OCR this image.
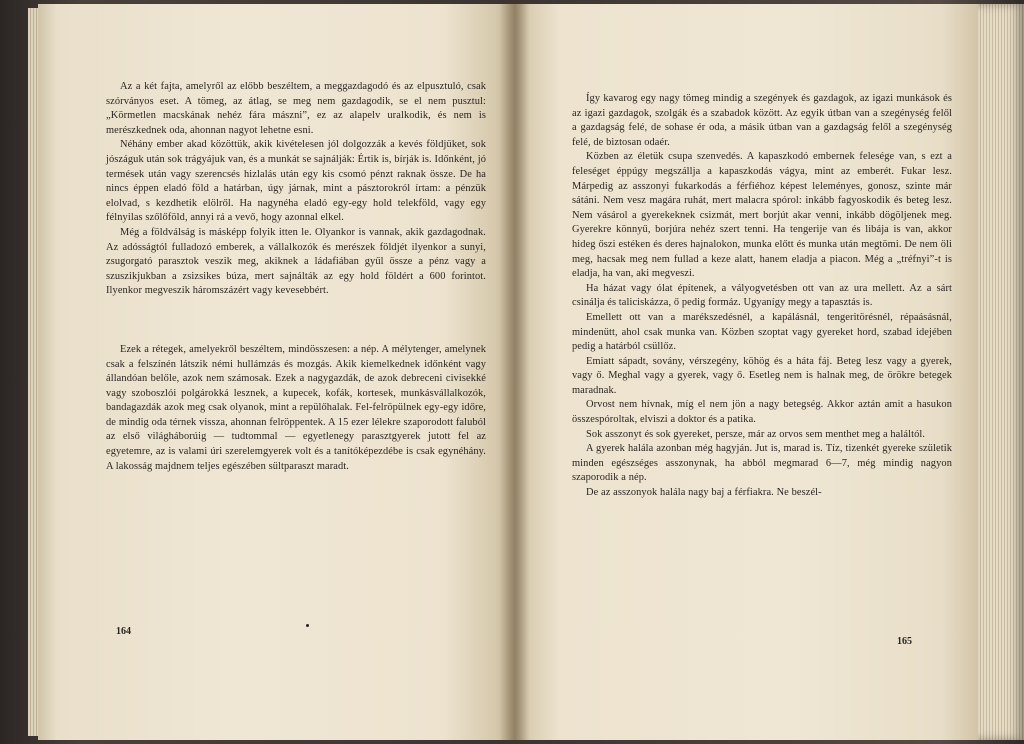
Az a két fajta, amelyről az előbb beszéltem, a meggazdagodó és az elpusztuló, csak szórványos eset. A tömeg, az átlag, se meg nem gazdagodik, se el nem pusztul: „Körmetlen macskának nehéz fára mászni”, ez az alapelv uralkodik, és nem is merészkednek oda, ahonnan nagyot lehetne esni.

Néhány ember akad közöttük, akik kivételesen jól dolgozzák a kevés földjüket, sok jószáguk után sok trágyájuk van, és a munkát se sajnálják: Értik is, bírják is. Időnként, jó termések után vagy szerencsés hizlalás után egy kis csomó pénzt raknak össze. De ha nincs éppen eladó föld a határban, úgy járnak, mint a pásztorokról írtam: a pénzük elolvad, s kezdhetik elölről. Ha nagynéha eladó egy-egy hold telekföld, vagy egy félnyilas szőlőföld, annyi rá a vevő, hogy azonnal elkel.

Még a földválság is másképp folyik itten le. Olyankor is vannak, akik gazdagodnak. Az adósságtól fulladozó emberek, a vállalkozók és merészek földjét ilyenkor a sunyi, zsugorgató parasztok veszik meg, akiknek a ládafiában gyűl össze a pénz vagy a szuszikjukban a zsizsikes búza, mert sajnálták az egy hold földért a 600 forintot. Ilyenkor megveszik háromszázért vagy kevesebbért.

Ezek a rétegek, amelyekről beszéltem, mindösszesen: a nép. A mélytenger, amelynek csak a felszínén látszik némi hullámzás és mozgás. Akik kiemelkednek időnként vagy állandóan belőle, azok nem számosak. Ezek a nagygazdák, de azok debreceni civisekké vagy szoboszlói polgárokká lesznek, a kupecek, kofák, kortesek, munkásvállalkozók, bandagazdák azok meg csak olyanok, mint a repülőhalak. Fel-felröpülnek egy-egy időre, de mindig oda térnek vissza, ahonnan felröppentek. A 15 ezer lélekre szaporodott faluból az első világháborúig — tudtommal — egyetlenegy parasztgyerek jutott fel az egyetemre, az is valami úri szerelemgyerek volt és a tanítóképezdébe is csak egynéhány. A lakosság majdnem teljes egészében sültparaszt maradt.

164

Így kavarog egy nagy tömeg mindig a szegények és gazdagok, az igazi munkások és az igazi gazdagok, szolgák és a szabadok között. Az egyik útban van a szegénység felől a gazdagság felé, de sohase ér oda, a másik útban van a gazdagság felől a szegénység felé, de biztosan odaér.

Közben az életük csupa szenvedés. A kapaszkodó embernek felesége van, s ezt a feleséget éppúgy megszállja a kapaszkodás vágya, mint az emberét. Fukar lesz. Márpedig az asszonyi fukarkodás a férfiéhoz képest leleményes, gonosz, szinte már sátáni. Nem vesz magára ruhát, mert malacra spórol: inkább fagyoskodik és beteg lesz. Nem vásárol a gyerekeknek csizmát, mert borjút akar venni, inkább dögöljenek meg. Gyerekre könnyű, borjúra nehéz szert tenni. Ha tengerije van és libája is van, akkor hideg őszi estéken és deres hajnalokon, munka előtt és munka után megtömi. De nem öli meg, hacsak meg nem fullad a keze alatt, hanem eladja a piacon. Még a „tréfnyi”-t is eladja, ha van, aki megveszi.

Ha házat vagy ólat építenek, a vályogvetésben ott van az ura mellett. Az a sárt csinálja és taliciskázza, ő pedig formáz. Ugyanígy megy a tapasztás is.

Emellett ott van a marékszedésnél, a kapálásnál, tengeritörésnél, répaásásnál, mindenütt, ahol csak munka van. Közben szoptat vagy gyereket hord, szabad idejében pedig a határból csüllőz.

Emiatt sápadt, sovány, vérszegény, köhög és a háta fáj. Beteg lesz vagy a gyerek, vagy ő. Meghal vagy a gyerek, vagy ő. Esetleg nem is halnak meg, de örökre betegek maradnak.

Orvost nem hívnak, míg el nem jön a nagy betegség. Akkor aztán amit a hasukon összespóroltak, elviszi a doktor és a patika.

Sok asszonyt és sok gyereket, persze, már az orvos sem menthet meg a haláltól.

A gyerek halála azonban még hagyján. Jut is, marad is. Tíz, tizenkét gyereke születik minden egészséges asszonynak, ha abból megmarad 6—7, még mindig nagyon szaporodik a nép.

De az asszonyok halála nagy baj a férfiakra. Ne beszél-

165
